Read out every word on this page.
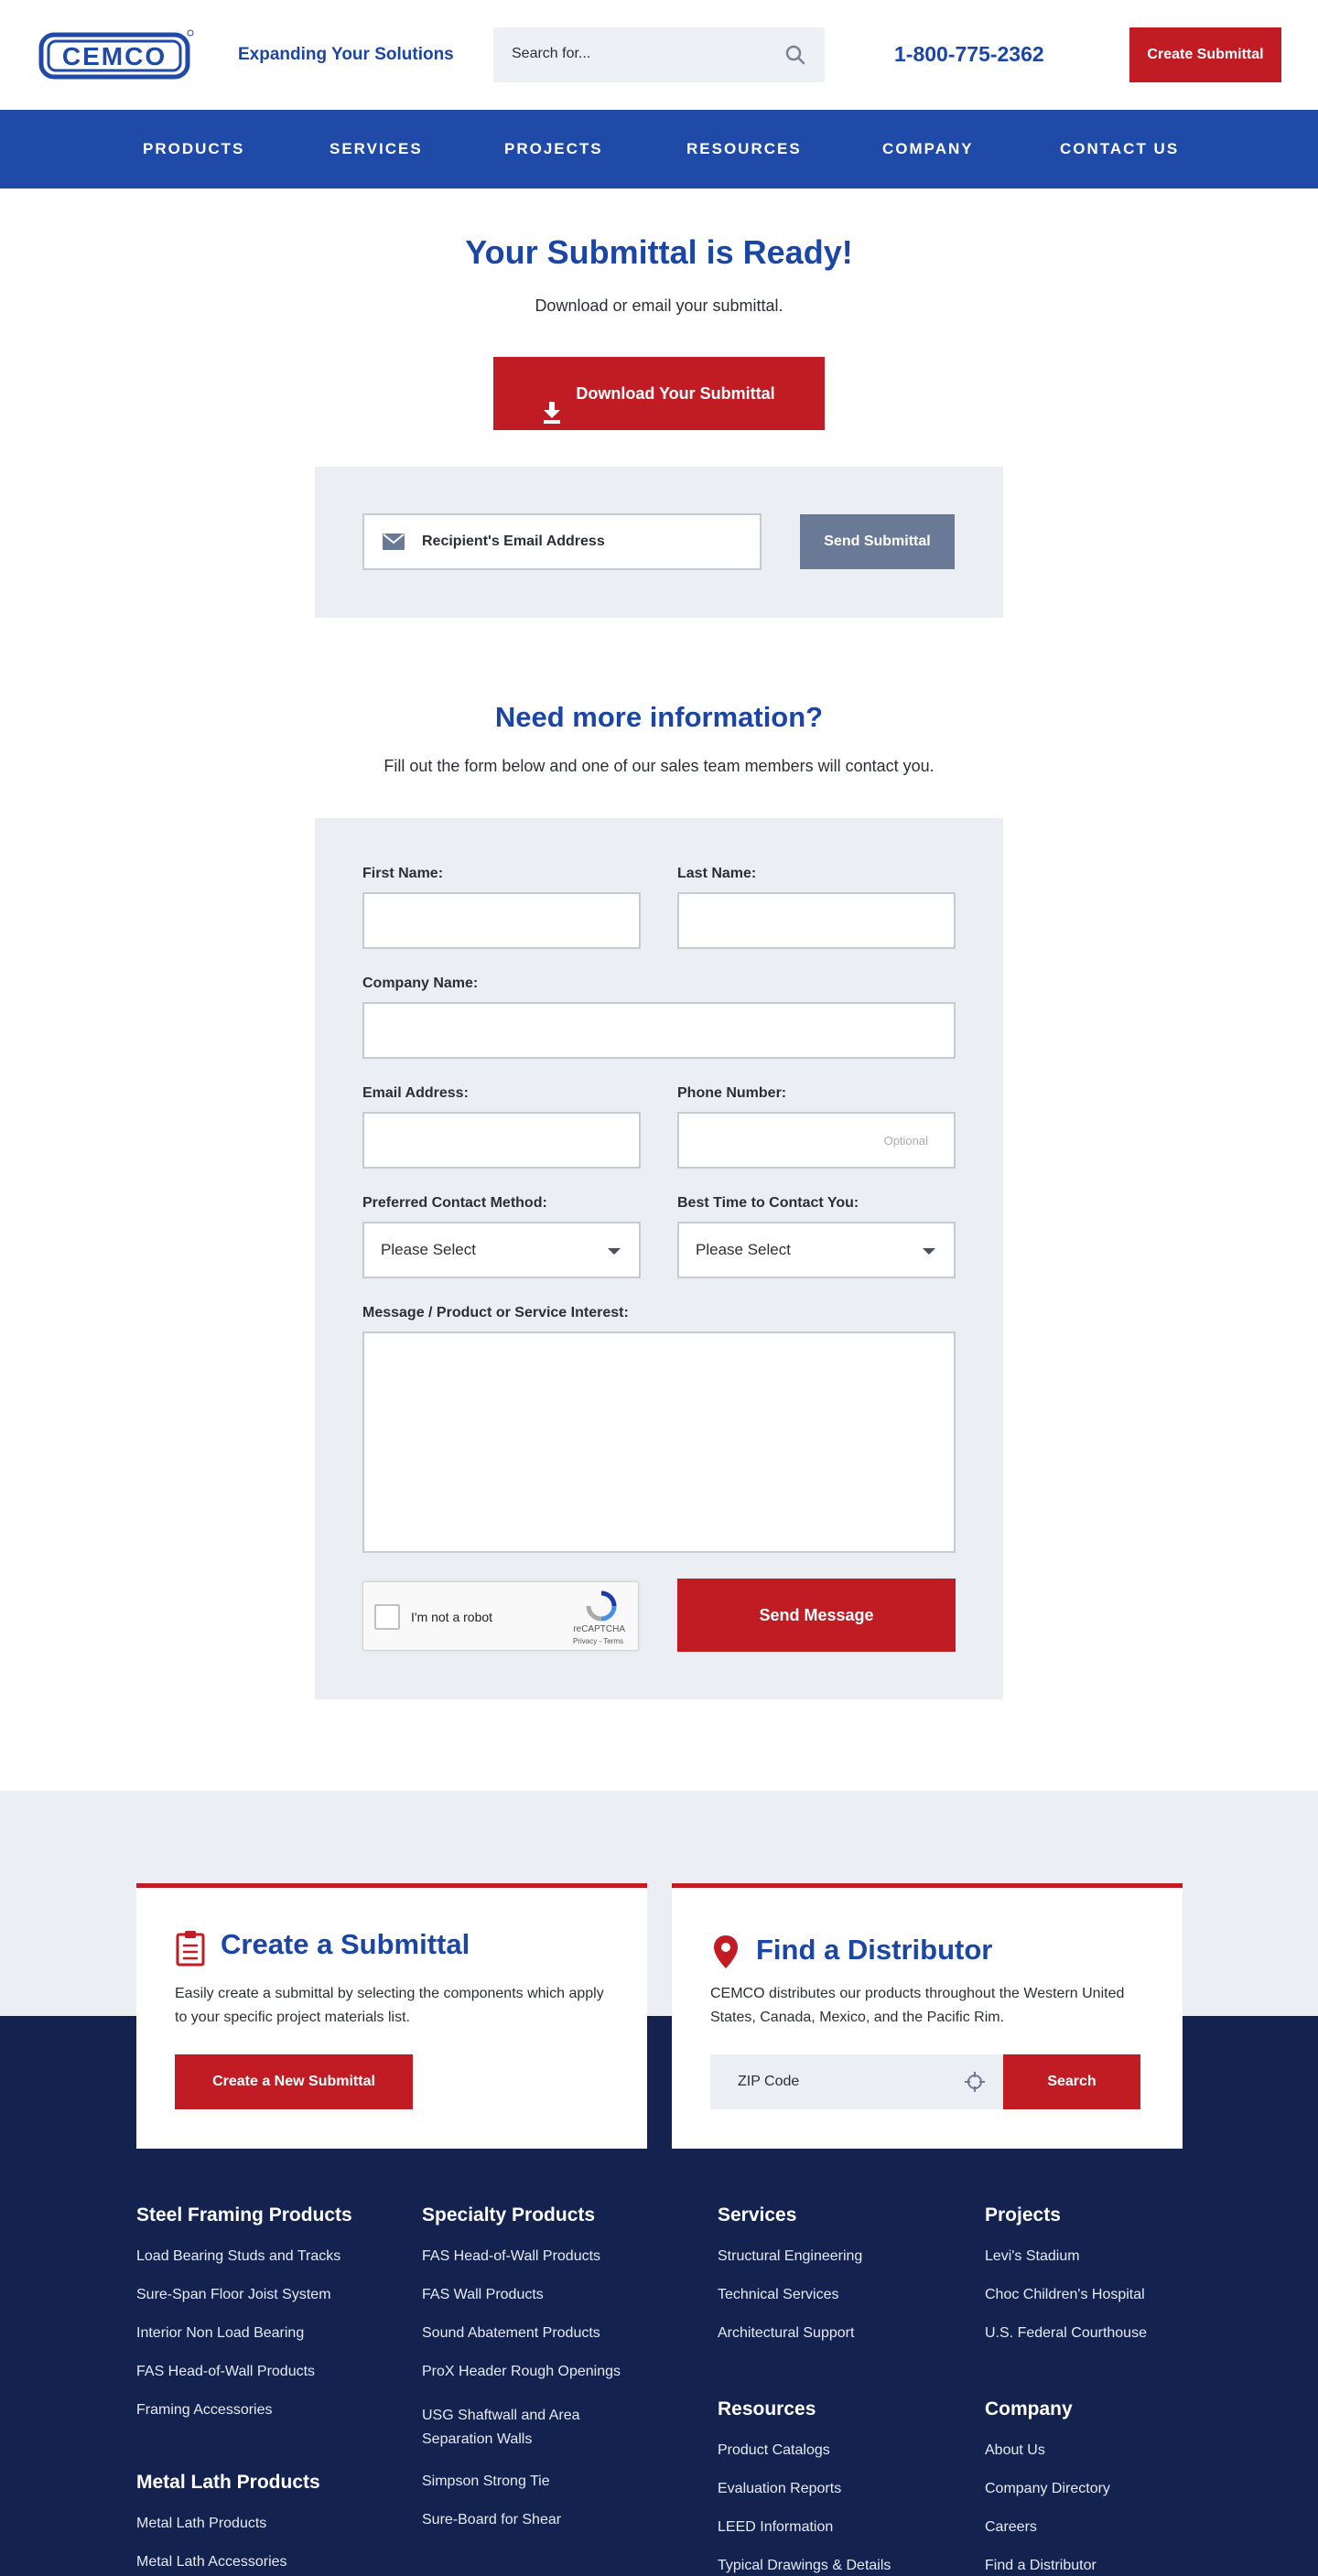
CEMCO	Expanding Your Solutions	Search for...	1-800-775-2362	Create Submittal
PRODUCTS	SERVICES	PROJECTS	RESOURCES	COMPANY	CONTACT US
Your Submittal is Ready!
Download or email your submittal.
Download Your Submittal
Recipient's Email Address	Send Submittal
Need more information?
Fill out the form below and one of our sales team members will contact you.
First Name:	Last Name:
Company Name:
Email Address:	Phone Number:
Optional
Preferred Contact Method:	Best Time to Contact You:
Please Select	Please Select
Message / Product or Service Interest:
I'm not a robot
reCAPTCHA
Privacy - Terms
Send Message
Create a Submittal
Easily create a submittal by selecting the components which apply to your specific project materials list.
Create a New Submittal
Find a Distributor
CEMCO distributes our products throughout the Western United States, Canada, Mexico, and the Pacific Rim.
ZIP Code	Search
Steel Framing Products
Load Bearing Studs and Tracks
Sure-Span Floor Joist System
Interior Non Load Bearing
FAS Head-of-Wall Products
Framing Accessories
Metal Lath Products
Metal Lath Products
Metal Lath Accessories
Specialty Products
FAS Head-of-Wall Products
FAS Wall Products
Sound Abatement Products
ProX Header Rough Openings
USG Shaftwall and Area Separation Walls
Simpson Strong Tie
Sure-Board for Shear
Services
Structural Engineering
Technical Services
Architectural Support
Resources
Product Catalogs
Evaluation Reports
LEED Information
Typical Drawings & Details
Projects
Levi's Stadium
Choc Children's Hospital
U.S. Federal Courthouse
Company
About Us
Company Directory
Careers
Find a Distributor
